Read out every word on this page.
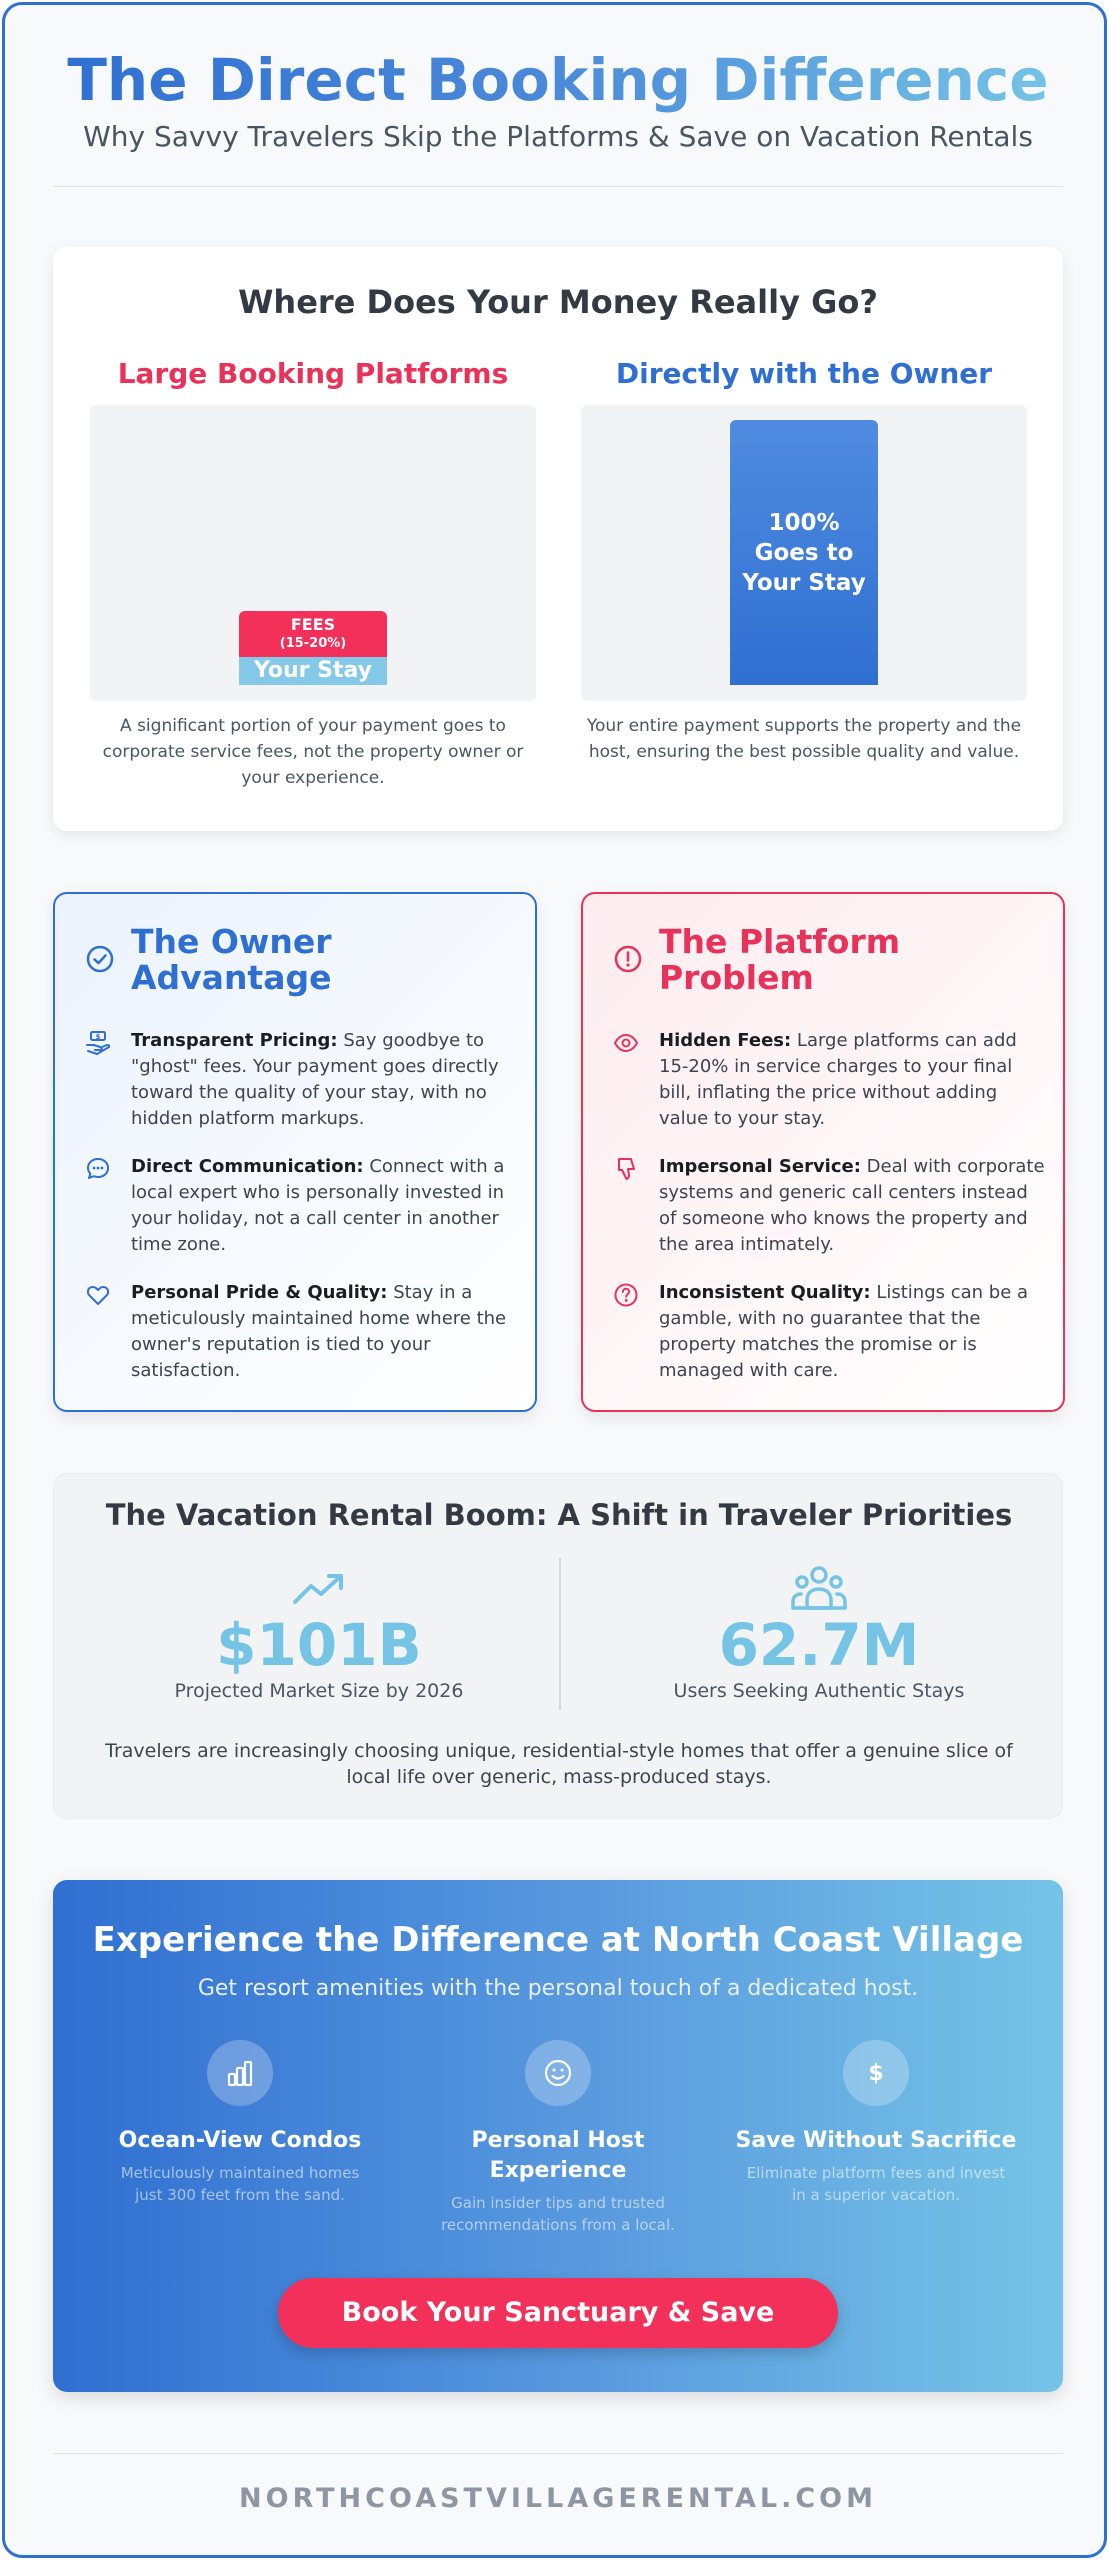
The Direct Booking Difference
Why Savvy Travelers Skip the Platforms & Save on Vacation Rentals
Where Does Your Money Really Go?
Large Booking Platforms	Directly with the Owner
FEES
(15-20%)
Your Stay
100% Goes to Your Stay
A significant portion of your payment goes to corporate service fees, not the property owner or your experience.
Your entire payment supports the property and the host, ensuring the best possible quality and value.
The Owner Advantage
$ Transparent Pricing: Say goodbye to "ghost" fees. Your payment goes directly toward the quality of your stay, with no hidden platform markups.
Direct Communication: Connect with a local expert who is personally invested in your holiday, not a call center in another time zone.
Personal Pride & Quality: Stay in a meticulously maintained home where the owner's reputation is tied to your satisfaction.
The Platform Problem
Hidden Fees: Large platforms can add 15-20% in service charges to your final bill, inflating the price without adding value to your stay.
Impersonal Service: Deal with corporate systems and generic call centers instead of someone who knows the property and the area intimately.
Inconsistent Quality: Listings can be a gamble, with no guarantee that the property matches the promise or is managed with care.
The Vacation Rental Boom: A Shift in Traveler Priorities
$101B
Projected Market Size by 2026
62.7M
Users Seeking Authentic Stays
Travelers are increasingly choosing unique, residential-style homes that offer a genuine slice of local life over generic, mass-produced stays.
Experience the Difference at North Coast Village
Get resort amenities with the personal touch of a dedicated host.
Ocean-View Condos
Meticulously maintained homes just 300 feet from the sand.
Personal Host Experience
Gain insider tips and trusted recommendations from a local.
$
Save Without Sacrifice
Eliminate platform fees and invest in a superior vacation.
Book Your Sanctuary & Save
NORTHCOASTVILLAGERENTAL.COM
